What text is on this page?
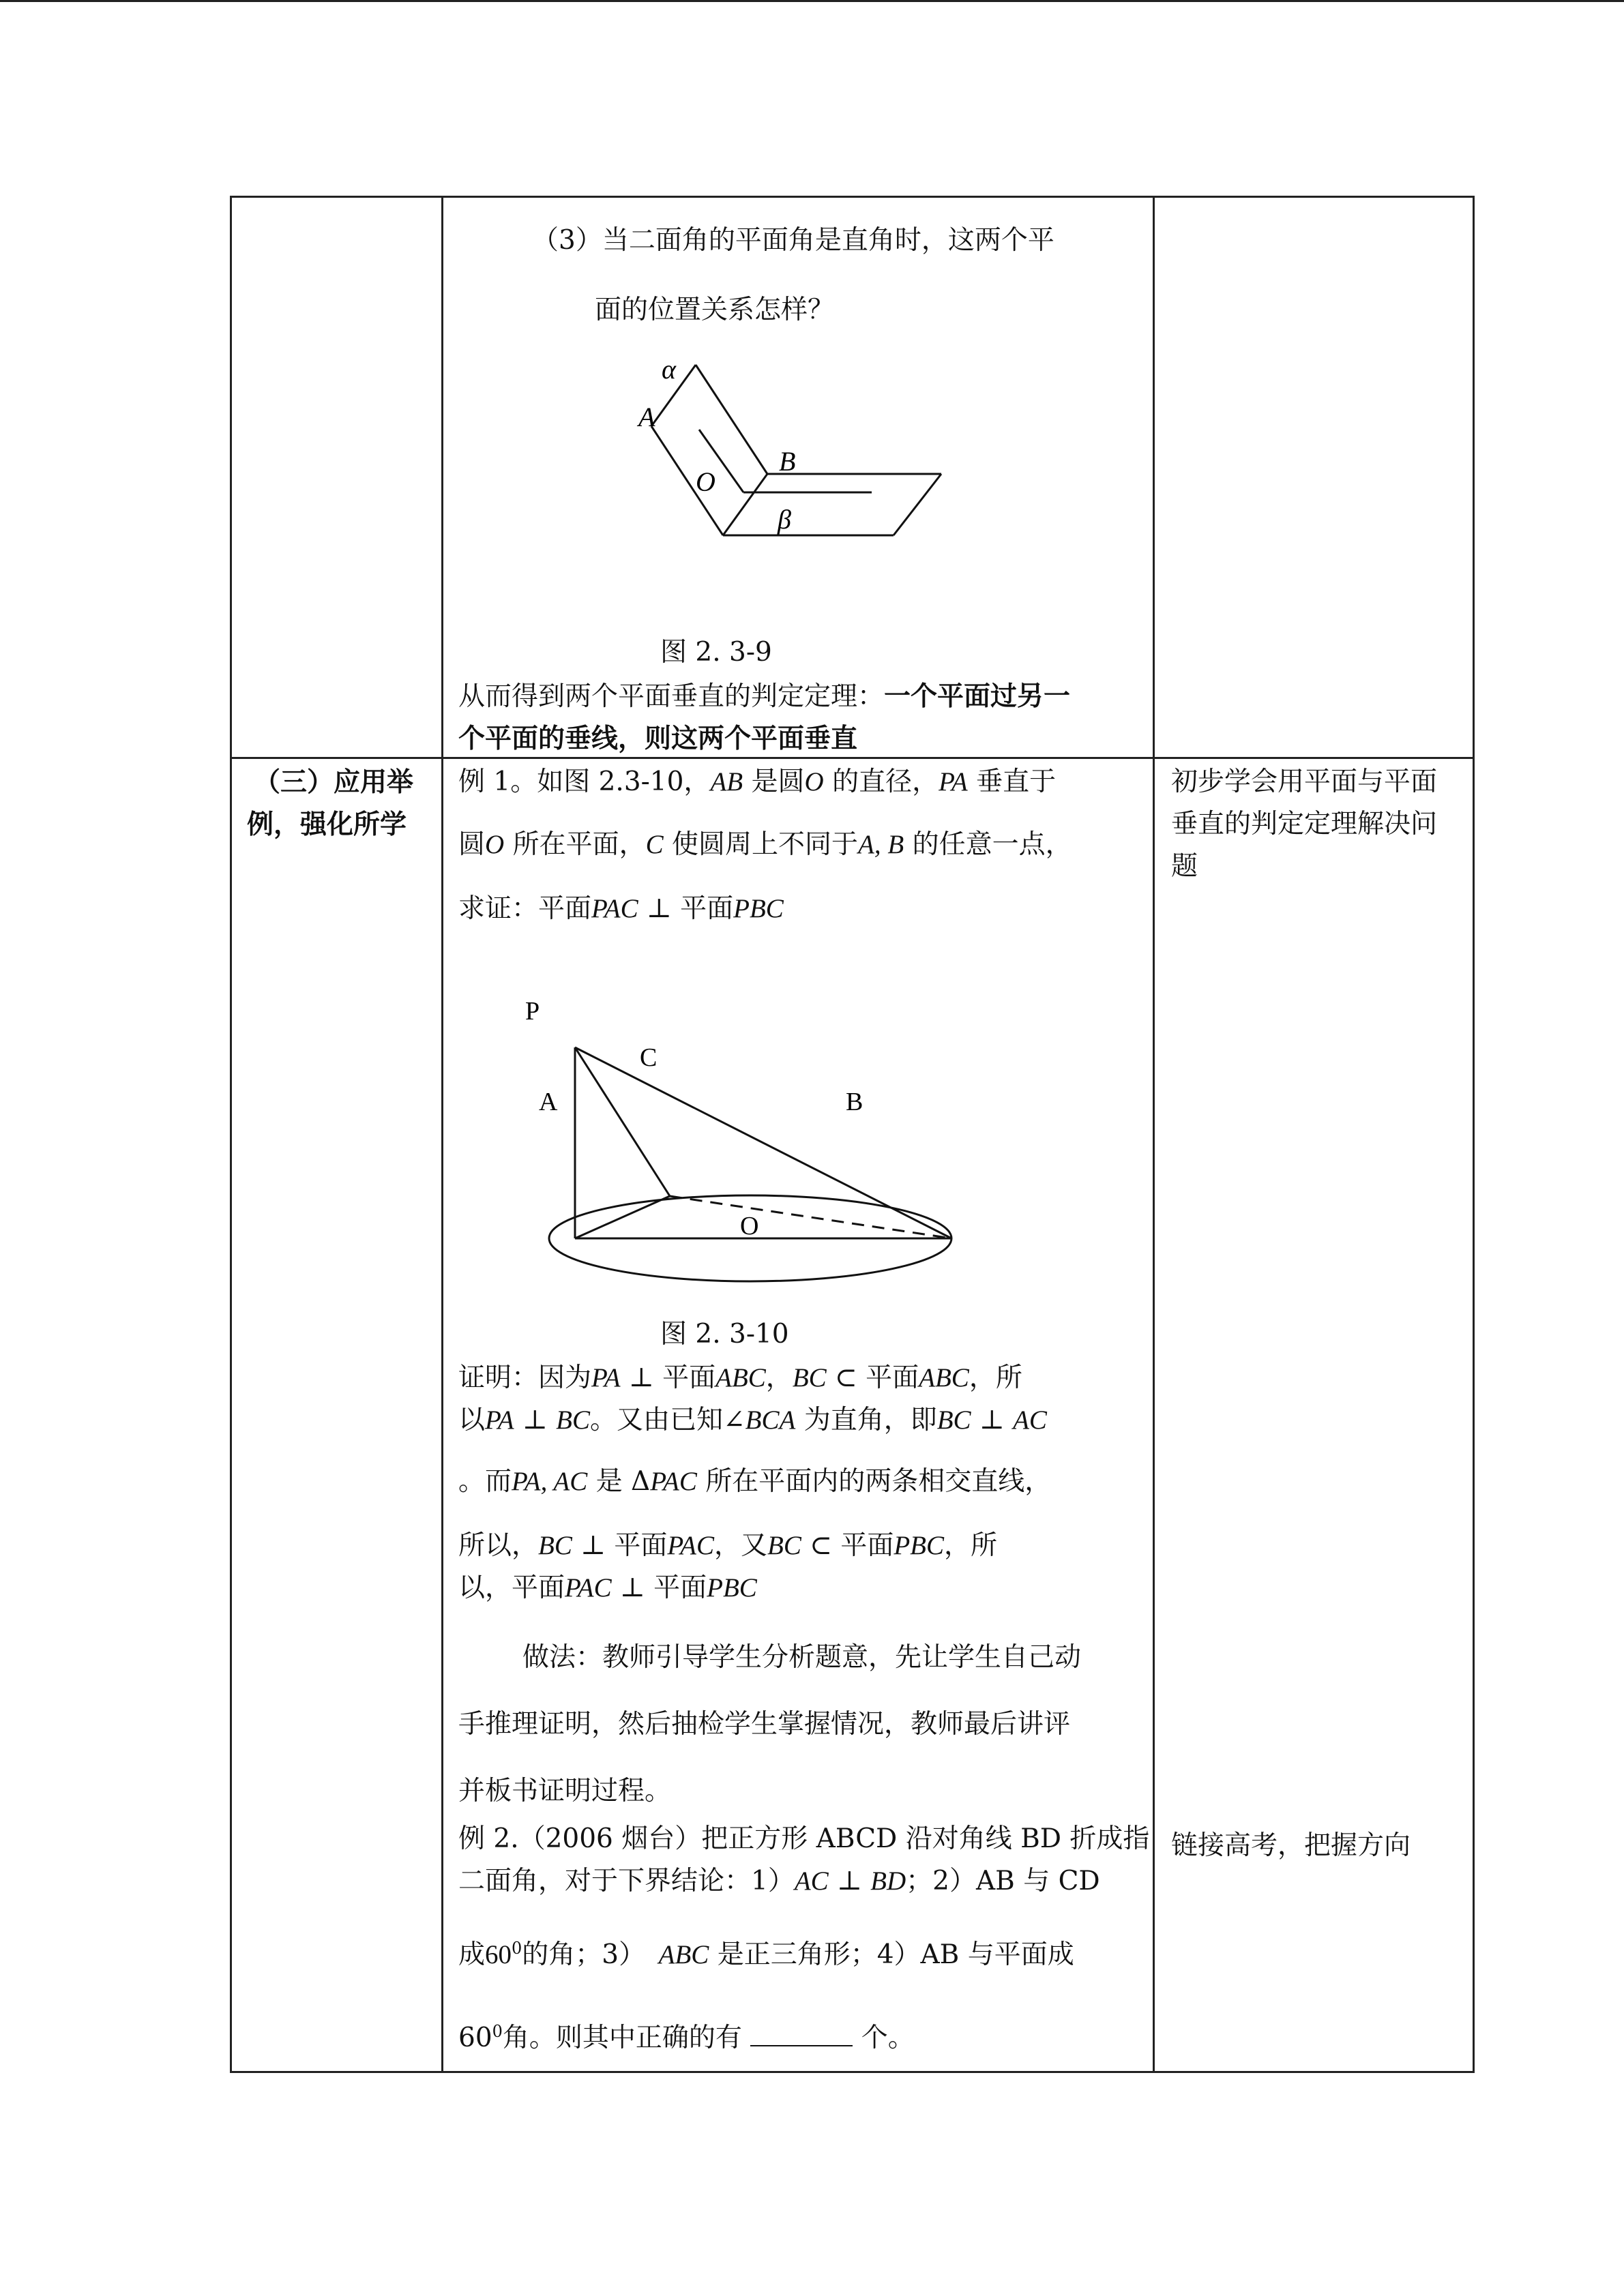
（3）当二面角的平面角是直角时，这两个平
面的位置关系怎样？
α
A
O
B
β
图 2. 3-9
从而得到两个平面垂直的判定定理：一个平面过另一
个平面的垂线，则这两个平面垂直
（三）应用举
例，强化所学
初步学会用平面与平面
垂直的判定定理解决问
题
链接高考，把握方向
例 1。如图 2.3-10，AB 是圆O 的直径，PA 垂直于
圆O 所在平面，C 使圆周上不同于A, B 的任意一点，
求证：平面PAC ⊥ 平面PBC
P
C
A	B
O
图 2. 3-10
证明：因为PA ⊥ 平面ABC，BC ⊂ 平面ABC，所
以PA ⊥ BC。又由已知∠BCA 为直角，即BC ⊥ AC
。而PA, AC 是 ΔPAC 所在平面内的两条相交直线，
所以，BC ⊥ 平面PAC，又BC ⊂ 平面PBC，所
以，平面PAC ⊥ 平面PBC
做法：教师引导学生分析题意，先让学生自己动
手推理证明，然后抽检学生掌握情况，教师最后讲评
并板书证明过程。
例 2.（2006 烟台）把正方形 ABCD 沿对角线 BD 折成指
二面角，对于下界结论：1）AC ⊥ BD；2）AB 与 CD
成$60^0$的角；3）　ABC 是正三角形；4）AB 与平面成
$60^0$角。则其中正确的有	个。
